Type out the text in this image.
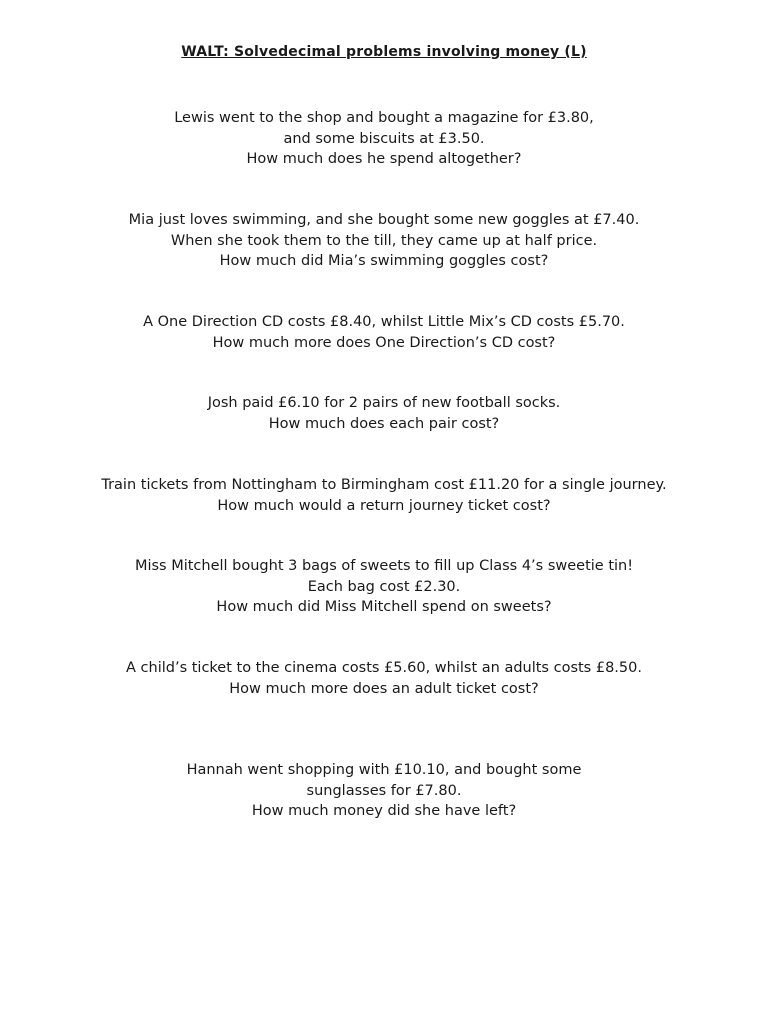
WALT: Solvedecimal problems involving money (L)
Lewis went to the shop and bought a magazine for £3.80,
and some biscuits at £3.50.
How much does he spend altogether?
Mia just loves swimming, and she bought some new goggles at £7.40.
When she took them to the till, they came up at half price.
How much did Mia’s swimming goggles cost?
A One Direction CD costs £8.40, whilst Little Mix’s CD costs £5.70.
How much more does One Direction’s CD cost?
Josh paid £6.10 for 2 pairs of new football socks.
How much does each pair cost?
Train tickets from Nottingham to Birmingham cost £11.20 for a single journey.
How much would a return journey ticket cost?
Miss Mitchell bought 3 bags of sweets to fill up Class 4’s sweetie tin!
Each bag cost £2.30.
How much did Miss Mitchell spend on sweets?
A child’s ticket to the cinema costs £5.60, whilst an adults costs £8.50.
How much more does an adult ticket cost?
Hannah went shopping with £10.10, and bought some
sunglasses for £7.80.
How much money did she have left?
